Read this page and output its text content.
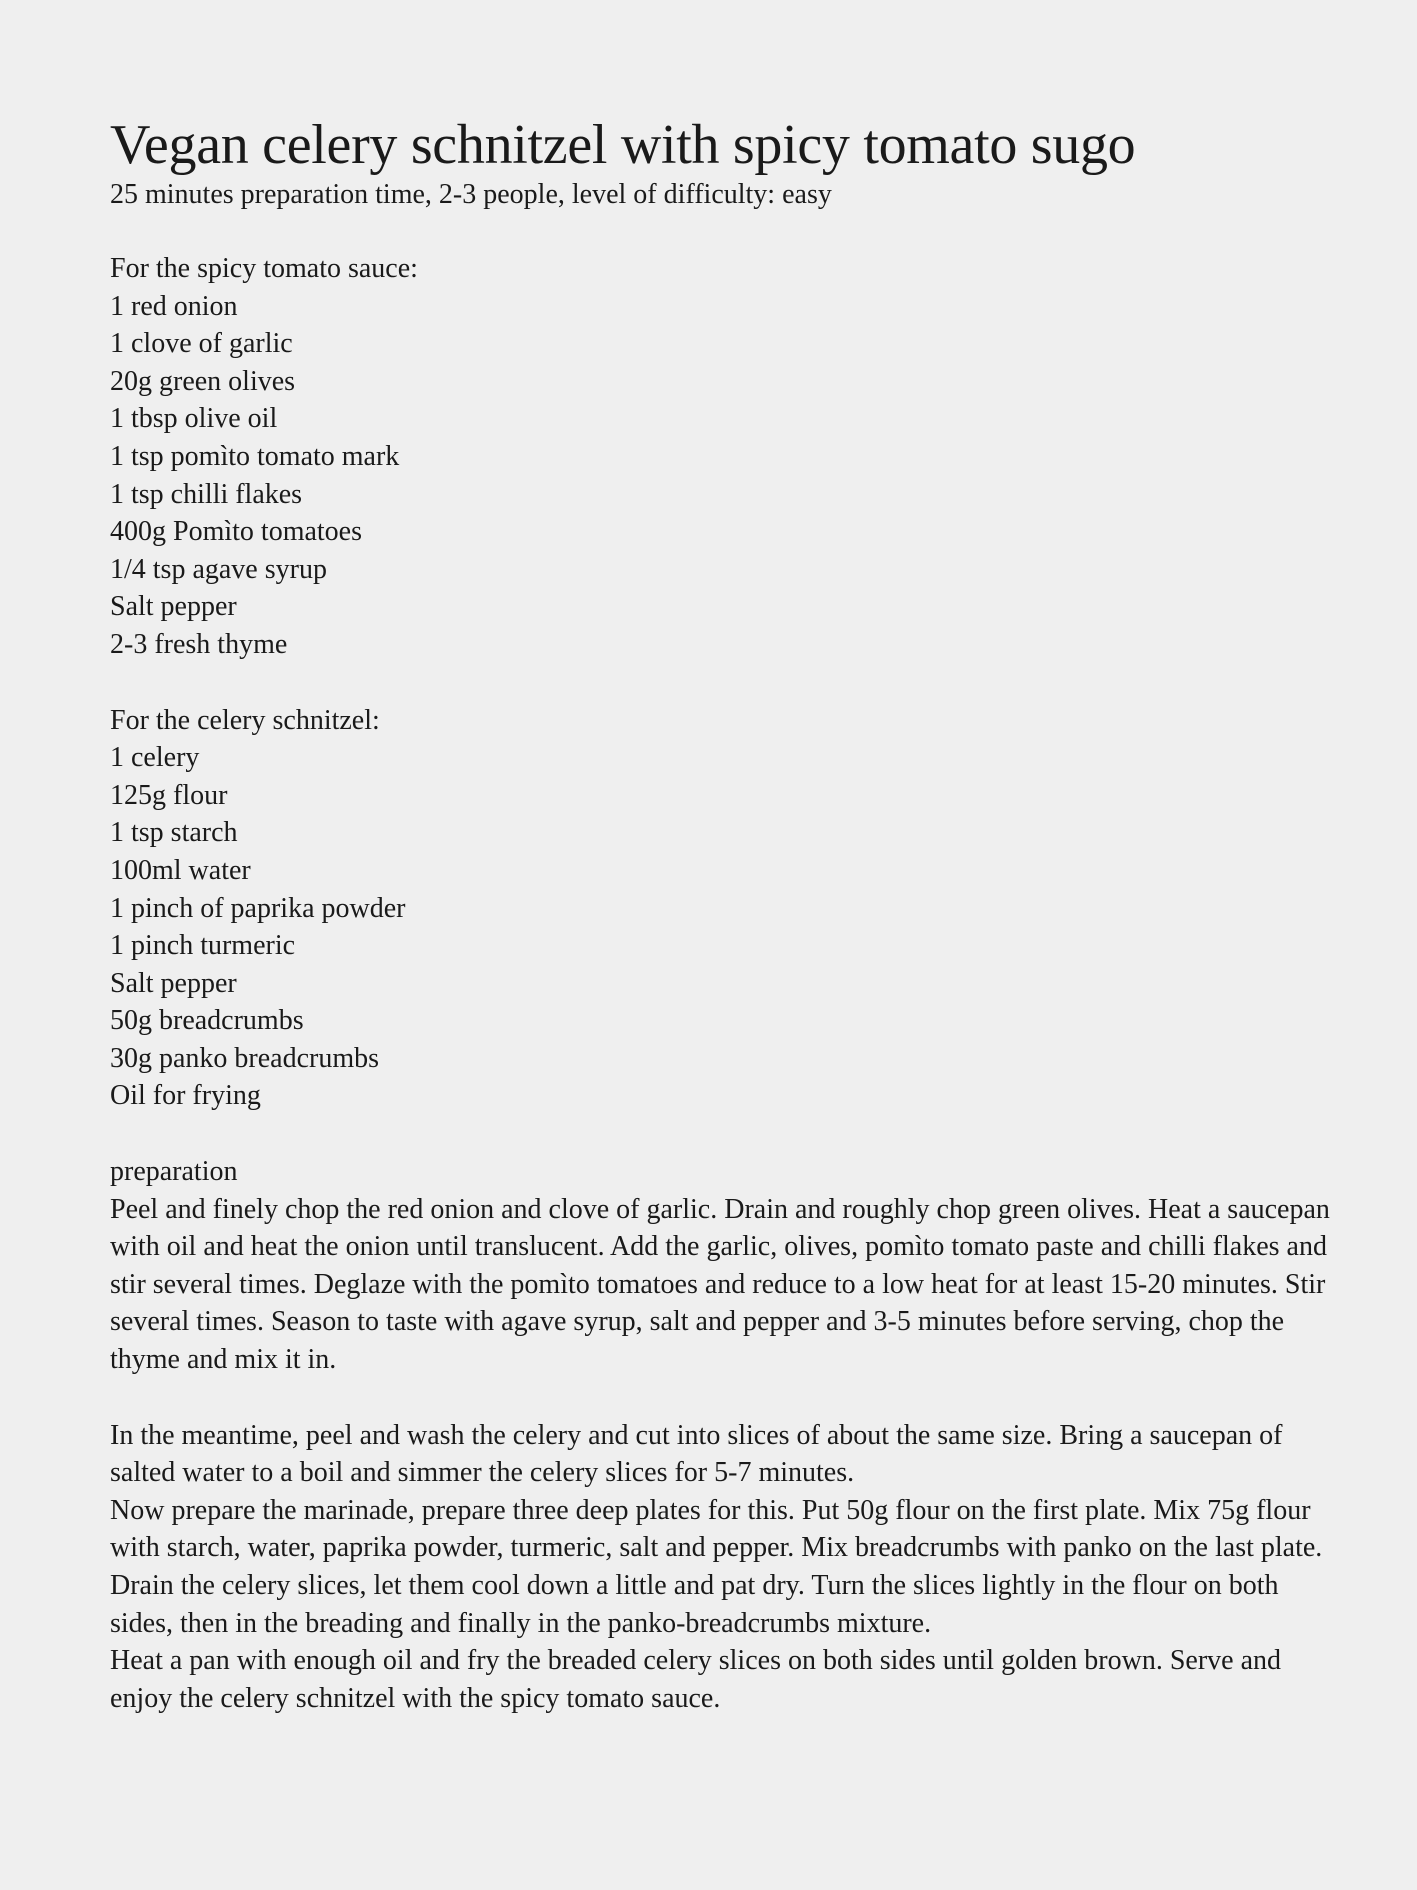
Vegan celery schnitzel with spicy tomato sugo

25 minutes preparation time, 2-3 people, level of difficulty: easy

For the spicy tomato sauce:

1 red onion

1 clove of garlic

20g green olives

1 tbsp olive oil

1 tsp pomìto tomato mark

1 tsp chilli flakes

400g Pomìto tomatoes

1/4 tsp agave syrup

Salt pepper

2-3 fresh thyme

For the celery schnitzel:

1 celery

125g flour

1 tsp starch

100ml water

1 pinch of paprika powder

1 pinch turmeric

Salt pepper

50g breadcrumbs

30g panko breadcrumbs

Oil for frying

preparation

Peel and finely chop the red onion and clove of garlic. Drain and roughly chop green olives. Heat a saucepan with oil and heat the onion until translucent. Add the garlic, olives, pomìto tomato paste and chilli flakes and stir several times. Deglaze with the pomìto tomatoes and reduce to a low heat for at least 15-20 minutes. Stir several times. Season to taste with agave syrup, salt and pepper and 3-5 minutes before serving, chop the thyme and mix it in.

In the meantime, peel and wash the celery and cut into slices of about the same size. Bring a saucepan of salted water to a boil and simmer the celery slices for 5-7 minutes.

Now prepare the marinade, prepare three deep plates for this. Put 50g flour on the first plate. Mix 75g flour with starch, water, paprika powder, turmeric, salt and pepper. Mix breadcrumbs with panko on the last plate.

Drain the celery slices, let them cool down a little and pat dry. Turn the slices lightly in the flour on both sides, then in the breading and finally in the panko-breadcrumbs mixture.

Heat a pan with enough oil and fry the breaded celery slices on both sides until golden brown. Serve and enjoy the celery schnitzel with the spicy tomato sauce.
